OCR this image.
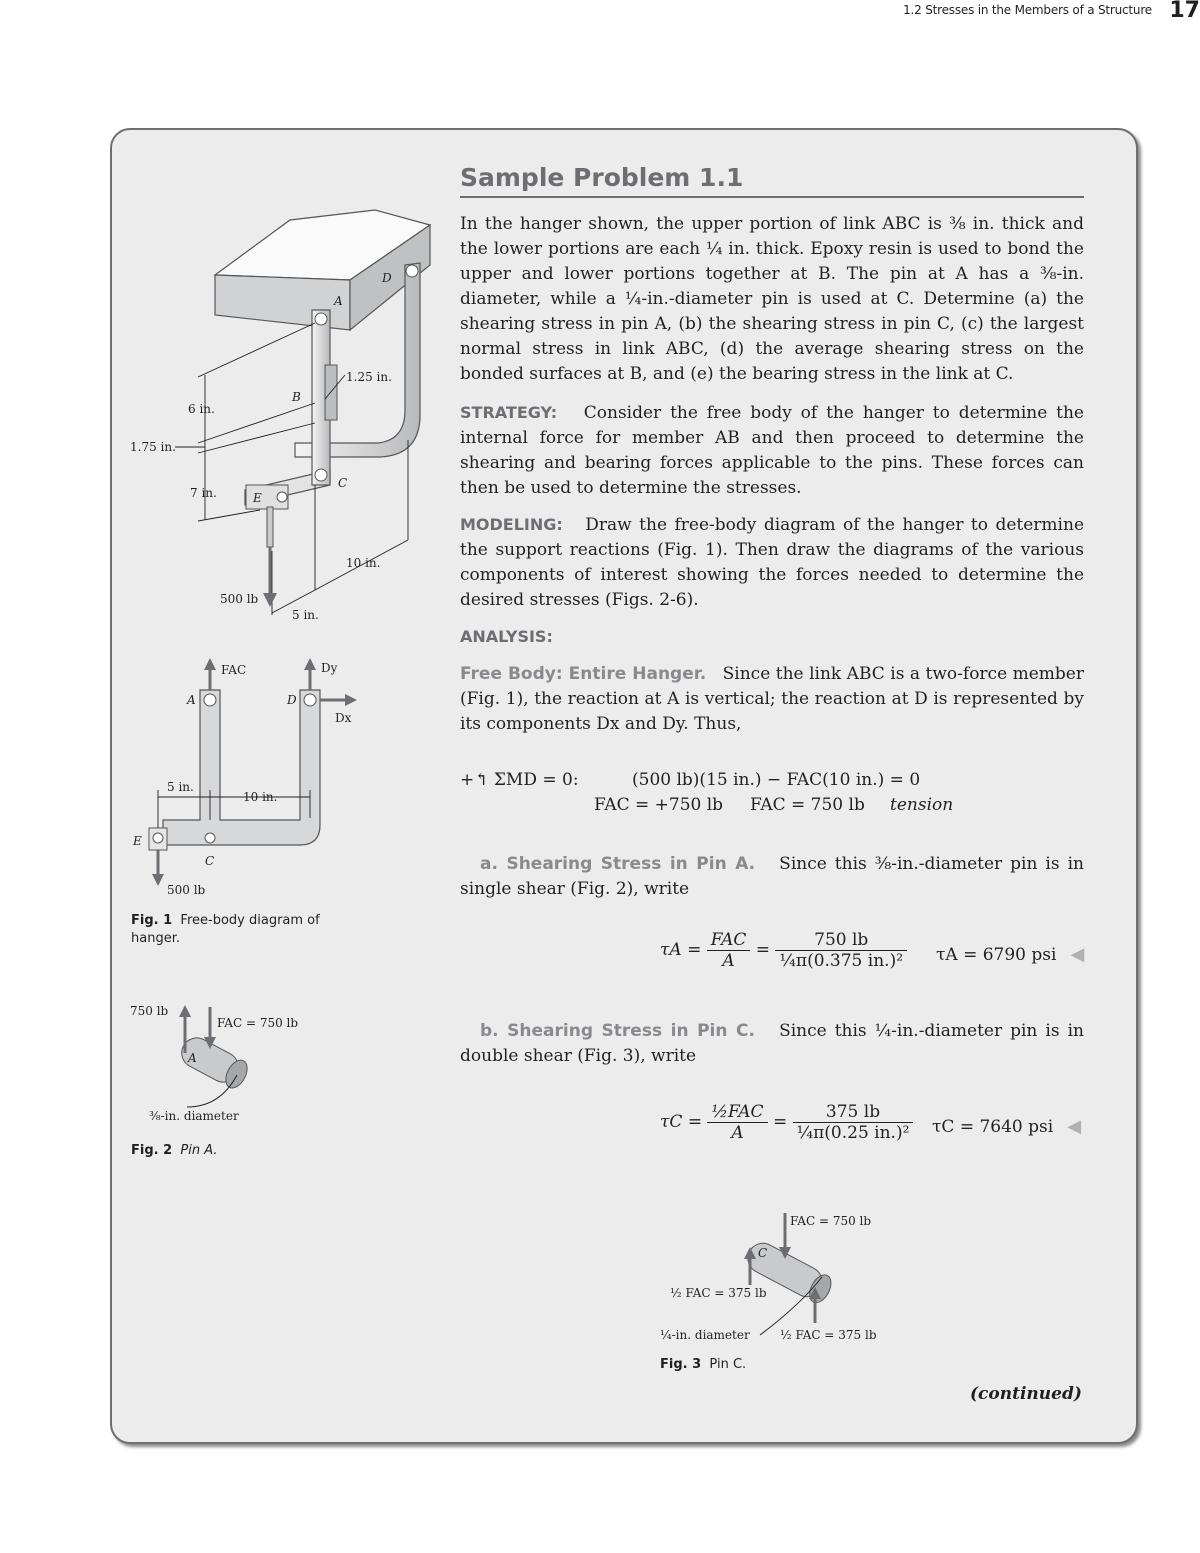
1.2 Stresses in the Members of a Structure 17
Sample Problem 1.1
In the hanger shown, the upper portion of link ABC is ⅜ in. thick and the lower portions are each ¼ in. thick. Epoxy resin is used to bond the upper and lower portions together at B. The pin at A has a ⅜-in. diameter, while a ¼-in.-diameter pin is used at C. Determine (a) the shearing stress in pin A, (b) the shearing stress in pin C, (c) the largest normal stress in link ABC, (d) the average shearing stress on the bonded surfaces at B, and (e) the bearing stress in the link at C.
STRATEGY: Consider the free body of the hanger to determine the internal force for member AB and then proceed to determine the shearing and bearing forces applicable to the pins. These forces can then be used to determine the stresses.
MODELING: Draw the free-body diagram of the hanger to determine the support reactions (Fig. 1). Then draw the diagrams of the various components of interest showing the forces needed to determine the desired stresses (Figs. 2-6).
ANALYSIS:
Free Body: Entire Hanger. Since the link ABC is a two-force member (Fig. 1), the reaction at A is vertical; the reaction at D is represented by its components Dx and Dy. Thus,
+↰ ΣMD = 0:	(500 lb)(15 in.) − FAC(10 in.) = 0
FAC = +750 lb FAC = 750 lb tension
a. Shearing Stress in Pin A. Since this ⅜-in.-diameter pin is in single shear (Fig. 2), write
$\tau A = \frac{\text{FAC}}{A} = \frac{750 lb}{\text{¼π(0.375 in.)²}}$ τA = 6790 psi ◀
b. Shearing Stress in Pin C. Since this ¼-in.-diameter pin is in double shear (Fig. 3), write
$\tau C = \frac{\text{½FAC}}{A} = \frac{375 lb}{\text{¼π(0.25 in.)²}}$ τC = 7640 psi ◀
D
A
B
C
E
1.25 in.
6 in.
1.75 in.
7 in.
10 in.
5 in.
500 lb
FAC	Dy
Dx
A	D
C
E
5 in.
10 in.
500 lb
Fig. 1 Free-body diagram of hanger.
750 lb
FAC = 750 lb
A
⅜-in. diameter
Fig. 2 Pin A.
FAC = 750 lb
C
½ FAC = 375 lb
¼-in. diameter	½ FAC = 375 lb
Fig. 3 Pin C.
(continued)
